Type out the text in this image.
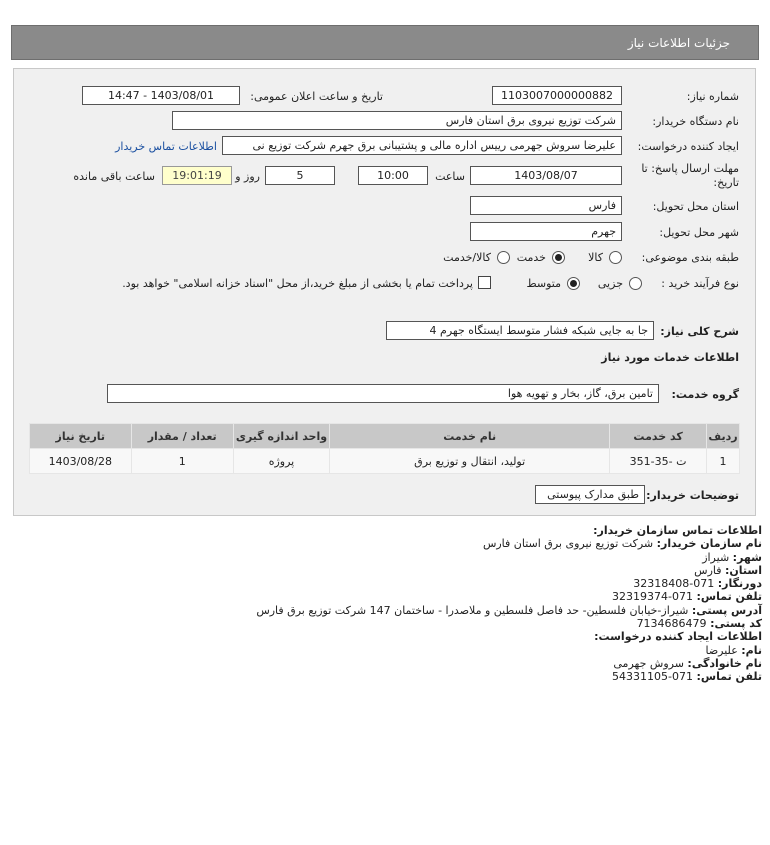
جزئیات اطلاعات نیاز
شماره نیاز:
1103007000000882
تاریخ و ساعت اعلان عمومی:
1403/08/01 - 14:47
نام دستگاه خریدار:
شرکت توزیع نیروی برق استان فارس
ایجاد کننده درخواست:
علیرضا سروش جهرمی رییس اداره مالی و پشتیبانی برق جهرم شرکت توزیع نی
اطلاعات تماس خریدار
مهلت ارسال پاسخ: تا تاریخ:
1403/08/07
ساعت
10:00
5
روز و
19:01:19
ساعت باقی مانده
استان محل تحویل:
فارس
شهر محل تحویل:
جهرم
طبقه بندی موضوعی:
کالا
خدمت
کالا/خدمت
نوع فرآیند خرید :
جزیی
متوسط
پرداخت تمام یا بخشی از مبلغ خرید،از محل "اسناد خزانه اسلامی" خواهد بود.
شرح کلی نیاز:
جا به جایی شبکه فشار متوسط ایستگاه جهرم 4
اطلاعات خدمات مورد نیاز
گروه خدمت:
تامین برق، گاز، بخار و تهویه هوا
توضیحات خریدار:
طبق مدارک پیوستی
ردیف	کد خدمت	نام خدمت	واحد اندازه گیری	تعداد / مقدار	تاریخ نیاز
1	ت -35-351	تولید، انتقال و توزیع برق	پروژه	1	1403/08/28
اطلاعات تماس سازمان خریدار:
نام سازمان خریدار: شرکت توزیع نیروی برق استان فارس
شهر: شیراز
استان: فارس
دورنگار: 071-32318408
تلفن تماس: 071-32319374
آدرس پستی: شیراز-خیابان فلسطین- حد فاصل فلسطین و ملاصدرا - ساختمان 147 شرکت توزیع برق فارس
کد پستی: 7134686479
اطلاعات ایجاد کننده درخواست:
نام: علیرضا
نام خانوادگی: سروش جهرمی
تلفن تماس: 071-54331105
